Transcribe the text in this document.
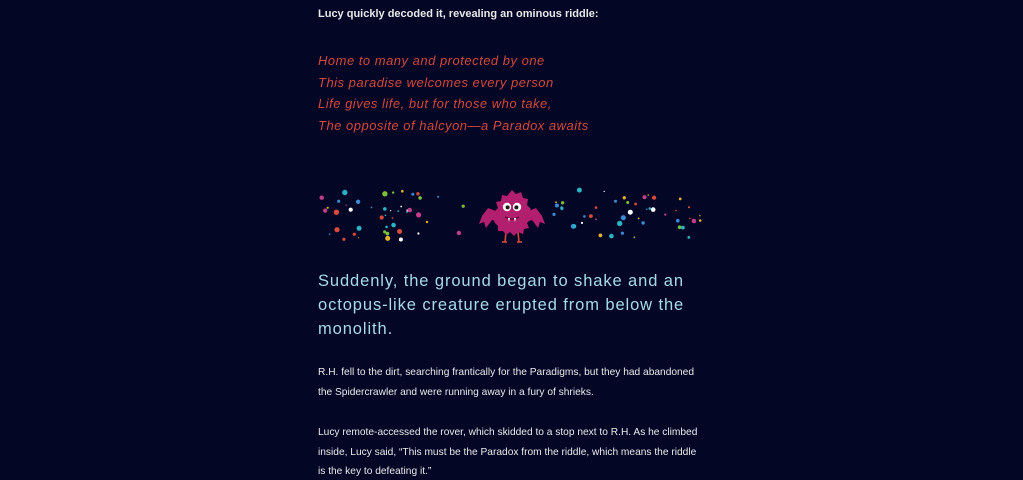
Lucy quickly decoded it, revealing an ominous riddle:

Home to many and protected by one
This paradise welcomes every person
Life gives life, but for those who take,
The opposite of halcyon—a Paradox awaits

Suddenly, the ground began to shake and an octopus-like creature erupted from below the monolith.

R.H. fell to the dirt, searching frantically for the Paradigms, but they had abandoned the Spidercrawler and were running away in a fury of shrieks.

Lucy remote-accessed the rover, which skidded to a stop next to R.H. As he climbed inside, Lucy said, “This must be the Paradox from the riddle, which means the riddle is the key to defeating it.”
